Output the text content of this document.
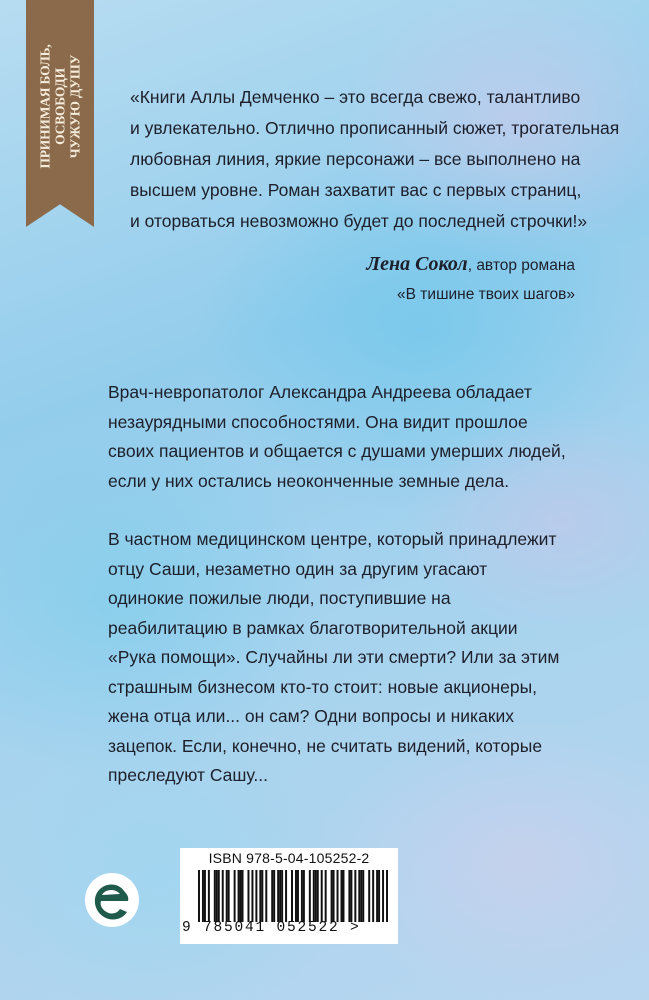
ПРИНИМАЯ БОЛЬ, ОСВОБОДИ ЧУЖУЮ ДУШУ	«Книги Аллы Демченко – это всегда свежо, талантливо
и увлекательно. Отлично прописанный сюжет, трогательная
любовная линия, яркие персонажи – все выполнено на
высшем уровне. Роман захватит вас с первых страниц,
и оторваться невозможно будет до последней строчки!»
Лена Сокол, автор романа
«В тишине твоих шагов»
Врач-невропатолог Александра Андреева обладает
незаурядными способностями. Она видит прошлое
своих пациентов и общается с душами умерших людей,
если у них остались неоконченные земные дела.
В частном медицинском центре, который принадлежит
отцу Саши, незаметно один за другим угасают
одинокие пожилые люди, поступившие на
реабилитацию в рамках благотворительной акции
«Рука помощи». Случайны ли эти смерти? Или за этим
страшным бизнесом кто-то стоит: новые акционеры,
жена отца или... он сам? Одни вопросы и никаких
зацепок. Если, конечно, не считать видений, которые
преследуют Сашу...
ISBN 978-5-04-105252-2
9 785041 052522 >
